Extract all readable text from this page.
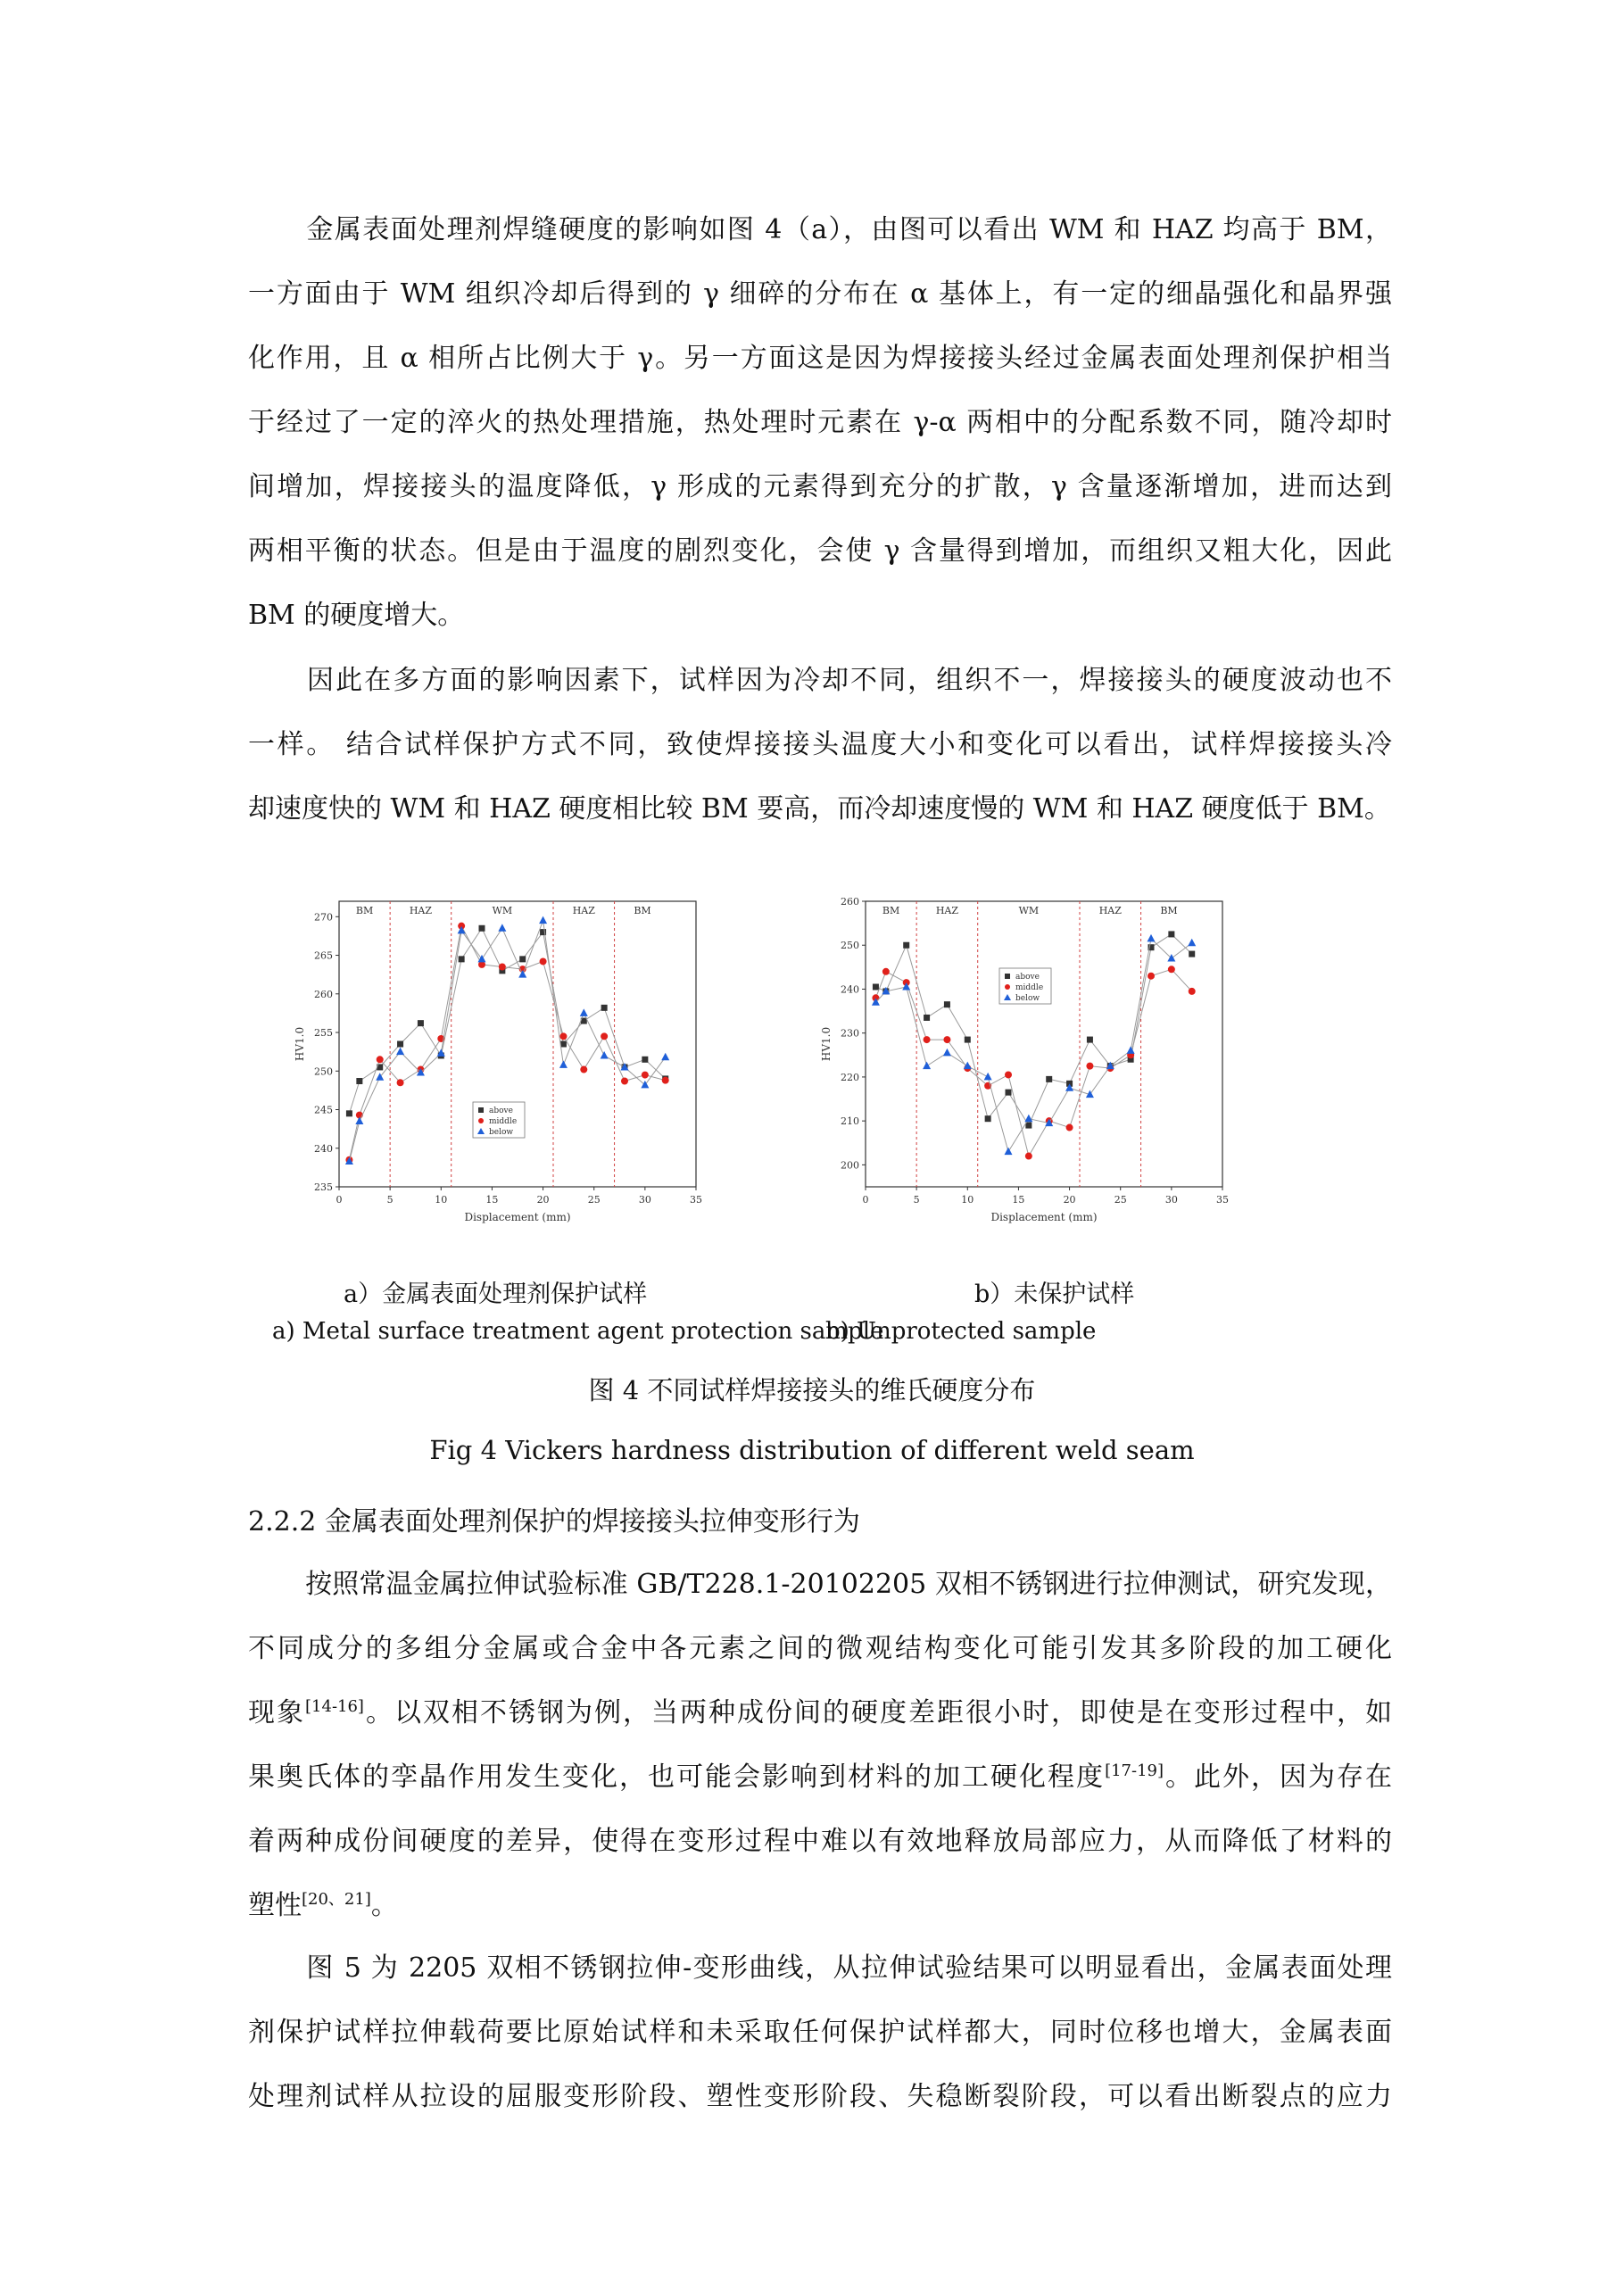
金属表面处理剂焊缝硬度的影响如图 4（a），由图可以看出 WM 和 HAZ 均高于 BM，
一方面由于 WM 组织冷却后得到的 γ 细碎的分布在 α 基体上，有一定的细晶强化和晶界强
化作用，且 α 相所占比例大于 γ。另一方面这是因为焊接接头经过金属表面处理剂保护相当
于经过了一定的淬火的热处理措施，热处理时元素在 γ-α 两相中的分配系数不同，随冷却时
间增加，焊接接头的温度降低，γ 形成的元素得到充分的扩散，γ 含量逐渐增加，进而达到
两相平衡的状态。但是由于温度的剧烈变化，会使 γ 含量得到增加，而组织又粗大化，因此
BM 的硬度增大。
因此在多方面的影响因素下，试样因为冷却不同，组织不一，焊接接头的硬度波动也不
一样。 结合试样保护方式不同，致使焊接接头温度大小和变化可以看出，试样焊接接头冷
却速度快的 WM 和 HAZ 硬度相比较 BM 要高，而冷却速度慢的 WM 和 HAZ 硬度低于 BM。
BM	HAZ	WM	HAZ	BM
0	5	10	15	20	25	30	35
235
240
245
250
255
260
265
270
Displacement (mm)
HV1.0
above
middle
below
BM	HAZ	WM	HAZ	BM
0	5	10	15	20	25	30	35
200
210
220
230
240
250
260
Displacement (mm)
HV1.0
above
middle
below
a）金属表面处理剂保护试样	b）未保护试样
a) Metal surface treatment agent protection sample
b) Unprotected sample
图 4 不同试样焊接接头的维氏硬度分布
Fig 4 Vickers hardness distribution of different weld seam
2.2.2 金属表面处理剂保护的焊接接头拉伸变形行为
按照常温金属拉伸试验标准 GB/T228.1-20102205 双相不锈钢进行拉伸测试，研究发现，
不同成分的多组分金属或合金中各元素之间的微观结构变化可能引发其多阶段的加工硬化
现象[14-16]。以双相不锈钢为例，当两种成份间的硬度差距很小时，即使是在变形过程中，如
果奥氏体的孪晶作用发生变化，也可能会影响到材料的加工硬化程度[17-19]。此外，因为存在
着两种成份间硬度的差异，使得在变形过程中难以有效地释放局部应力，从而降低了材料的
塑性[20、21]。
图 5 为 2205 双相不锈钢拉伸-变形曲线，从拉伸试验结果可以明显看出，金属表面处理
剂保护试样拉伸载荷要比原始试样和未采取任何保护试样都大，同时位移也增大，金属表面
处理剂试样从拉设的屈服变形阶段、塑性变形阶段、失稳断裂阶段，可以看出断裂点的应力
